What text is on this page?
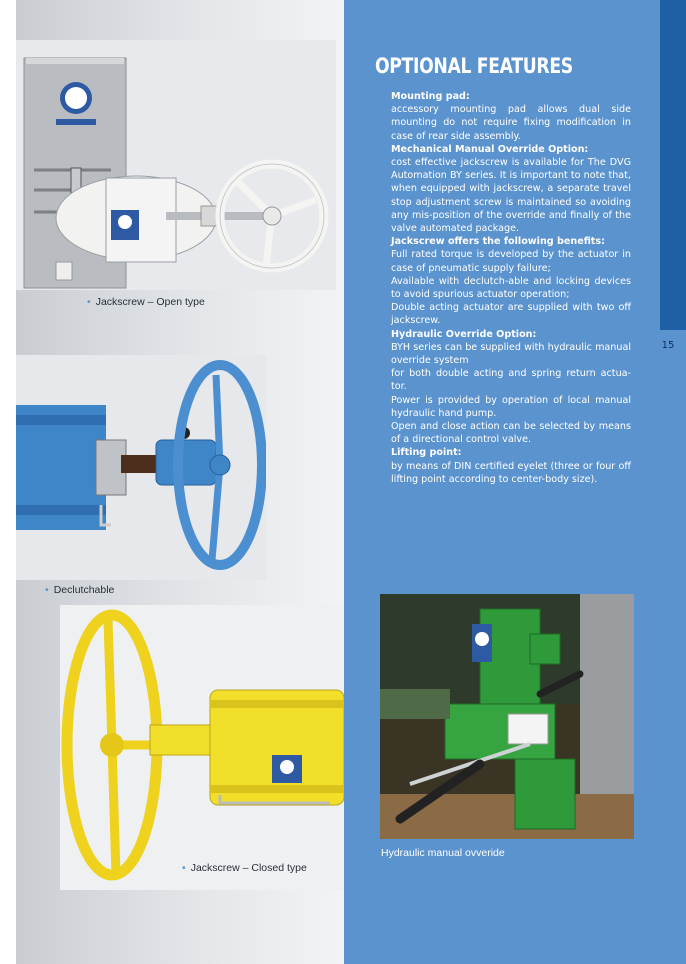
15
OPTIONAL FEATURES

Mounting pad:

accessory mounting pad allows dual side mounting do not require fixing modification in case of rear side assembly.

Mechanical Manual Override Option:

cost effective jackscrew is available for The DVG Automation BY series. It is important to note that, when equipped with jackscrew, a separate travel stop adjustment screw is maintained so avoiding any mis-position of the override and finally of the valve automated package.

Jackscrew offers the following benefits:

Full rated torque is developed by the actuator in case of pneumatic supply failure;

Available with declutch-able and locking devices to avoid spurious actuator operation;

Double acting actuator are supplied with two off jackscrew.

Hydraulic Override Option:

BYH series can be supplied with hydraulic manual override system

for both double acting and spring return actua-tor.

Power is provided by operation of local manual hydraulic hand pump.

Open and close action can be selected by means of a directional control valve.

Lifting point:

by means of DIN certified eyelet (three or four off lifting point according to center-body size).

• Jackscrew – Open type
• Declutchable
• Jackscrew – Closed type
Hydraulic manual ovveride
